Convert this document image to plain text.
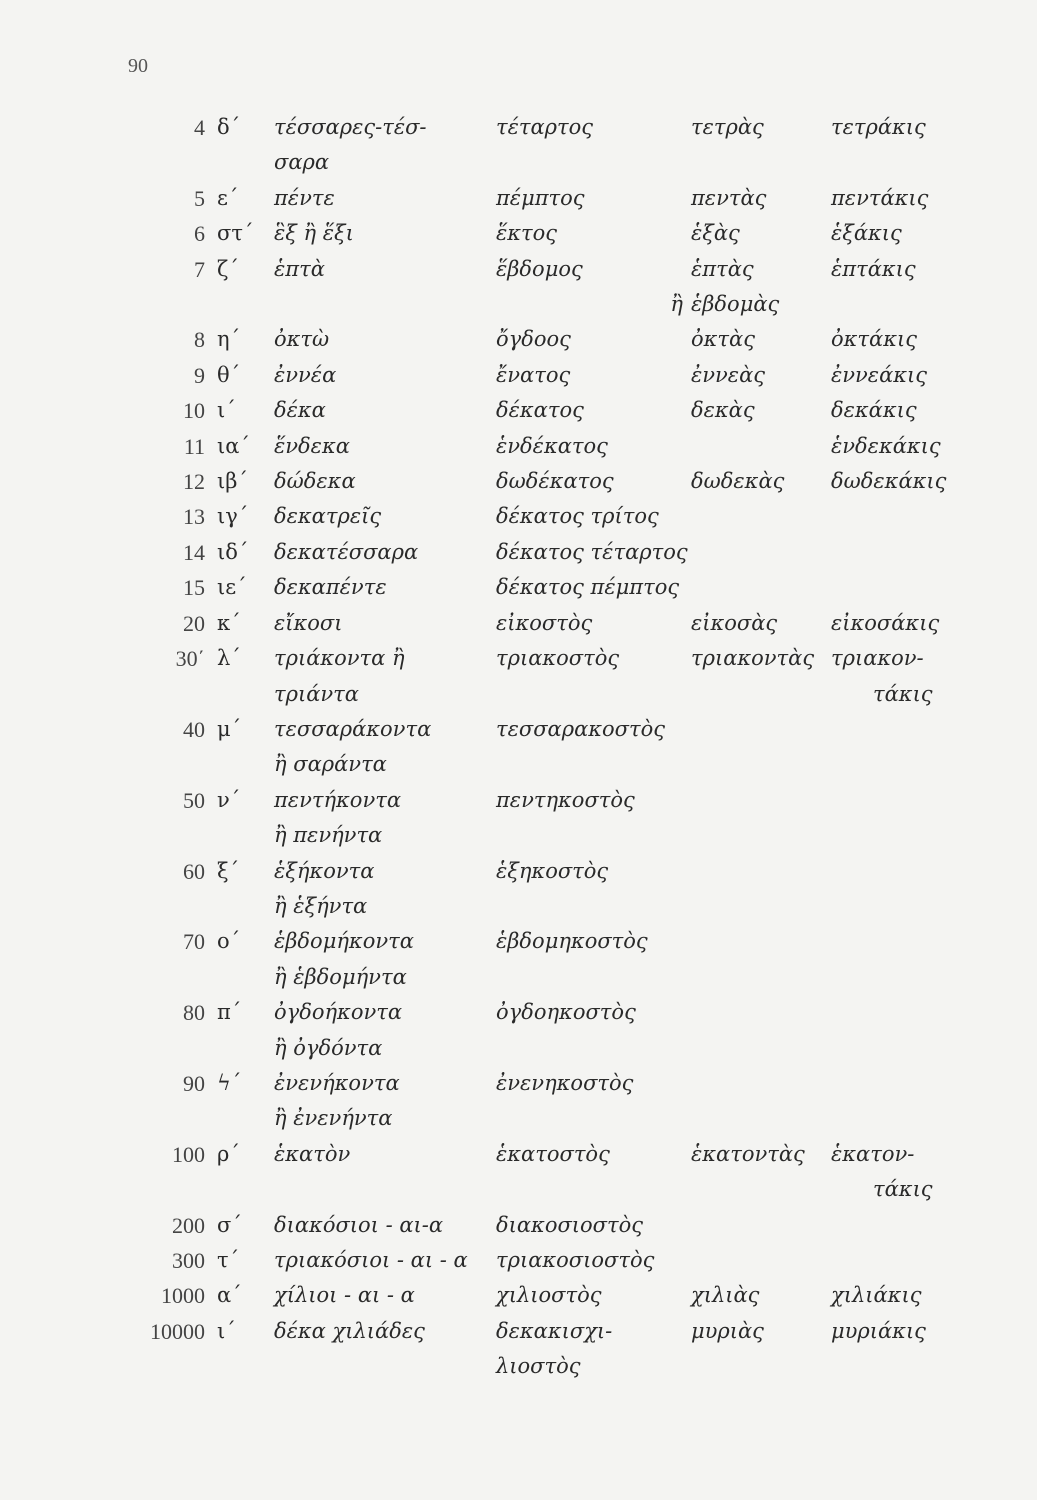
90
4	δ΄	τέσσαρες-τέσ-	τέταρτος	τετρὰς	τετράκις
		σαρα			
5	ε΄	πέντε	πέμπτος	πεντὰς	πεντάκις
6	στ΄	ἓξ ἢ ἕξι	ἕκτος	ἑξὰς	ἑξάκις
7	ζ΄	ἑπτὰ	ἕβδομος	ἑπτὰς	ἑπτάκις
			ἢ	ἑβδομὰς	
8	η΄	ὀκτὼ	ὄγδοος	ὀκτὰς	ὀκτάκις
9	θ΄	ἐννέα	ἔνατος	ἐννεὰς	ἐννεάκις
10	ι΄	δέκα	δέκατος	δεκὰς	δεκάκις
11	ια΄	ἕνδεκα	ἑνδέκατος		ἑνδεκάκις
12	ιβ΄	δώδεκα	δωδέκατος	δωδεκὰς	δωδεκάκις
13	ιγ΄	δεκατρεῖς	δέκατος τρίτος		
14	ιδ΄	δεκατέσσαρα	δέκατος τέταρτος		
15	ιε΄	δεκαπέντε	δέκατος πέμπτος		
20	κ΄	εἴκοσι	εἰκοστὸς	εἰκοσὰς	εἰκοσάκις
30΄	λ΄	τριάκοντα ἢ	τριακοστὸς	τριακοντὰς	τριακον-
		τριάντα			τάκις
40	μ΄	τεσσαράκοντα	τεσσαρακοστὸς		
		ἢ σαράντα			
50	ν΄	πεντήκοντα	πεντηκοστὸς		
		ἢ πενήντα			
60	ξ΄	ἑξήκοντα	ἑξηκοστὸς		
		ἢ ἑξήντα			
70	ο΄	ἑβδομήκοντα	ἑβδομηκοστὸς		
		ἢ ἑβδομήντα			
80	π΄	ὀγδοήκοντα	ὀγδοηκοστὸς		
		ἢ ὀγδόντα			
90	ϟ΄	ἐνενήκοντα	ἐνενηκοστὸς		
		ἢ ἐνενήντα			
100	ρ΄	ἑκατὸν	ἑκατοστὸς	ἑκατοντὰς	ἑκατον-
					τάκις
200	σ΄	διακόσιοι - αι-α	διακοσιοστὸς		
300	τ΄	τριακόσιοι - αι - α	τριακοσιοστὸς		
1000	α΄	χίλιοι - αι - α	χιλιοστὸς	χιλιὰς	χιλιάκις
10000	ι΄	δέκα χιλιάδες	δεκακισχι-	μυριὰς	μυριάκις
			λιοστὸς		
